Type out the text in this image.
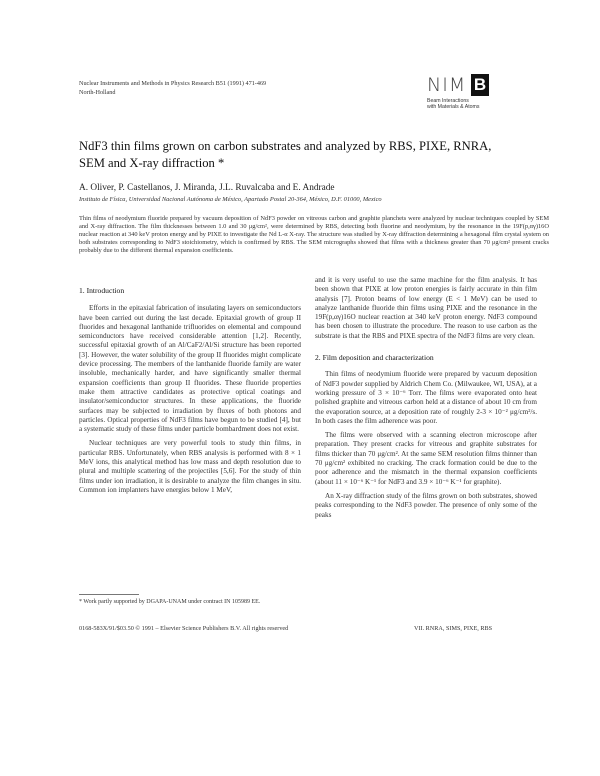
Nuclear Instruments and Methods in Physics Research B51 (1991) 471-469
North-Holland	NIM B
Beam Interactions
with Materials & Atoms
NdF3 thin films grown on carbon substrates and analyzed by RBS, PIXE, RNRA, SEM and X-ray diffraction *
A. Oliver, P. Castellanos, J. Miranda, J.L. Ruvalcaba and E. Andrade
Instituto de Física, Universidad Nacional Autónoma de México, Apartado Postal 20-364, México, D.F. 01000, Mexico
Thin films of neodymium fluoride prepared by vacuum deposition of NdF3 powder on vitreous carbon and graphite planchets were analyzed by nuclear techniques coupled by SEM and X-ray diffraction. The film thicknesses between 1.0 and 30 μg/cm², were determined by RBS, detecting both fluorine and neodymium, by the resonance in the 19F(p,αγ)16O nuclear reaction at 340 keV proton energy and by PIXE to investigate the Nd L-α X-ray. The structure was studied by X-ray diffraction determining a hexagonal film crystal system on both substrates corresponding to NdF3 stoichiometry, which is confirmed by RBS. The SEM micrographs showed that films with a thickness greater than 70 μg/cm² present cracks probably due to the different thermal expansion coefficients.
1. Introduction

Efforts in the epitaxial fabrication of insulating layers on semiconductors have been carried out during the last decade. Epitaxial growth of group II fluorides and hexagonal lanthanide trifluorides on elemental and compound semiconductors have received considerable attention [1,2]. Recently, successful epitaxial growth of an Al/CaF2/Al/Si structure has been reported [3]. However, the water solubility of the group II fluorides might complicate device processing. The members of the lanthanide fluoride family are water insoluble, mechanically harder, and have significantly smaller thermal expansion coefficients than group II fluorides. These fluoride properties make them attractive candidates as protective optical coatings and insulator/semiconductor structures. In these applications, the fluoride surfaces may be subjected to irradiation by fluxes of both photons and particles. Optical properties of NdF3 films have begun to be studied [4], but a systematic study of these films under particle bombardment does not exist.

Nuclear techniques are very powerful tools to study thin films, in particular RBS. Unfortunately, when RBS analysis is performed with 8 × 1 MeV ions, this analytical method has low mass and depth resolution due to plural and multiple scattering of the projectiles [5,6]. For the study of thin films under ion irradiation, it is desirable to analyze the film changes in situ. Common ion implanters have energies below 1 MeV,

* Work partly supported by DGAPA-UNAM under contract IN 105989 EE.

and it is very useful to use the same machine for the film analysis. It has been shown that PIXE at low proton energies is fairly accurate in thin film analysis [7]. Proton beams of low energy (E < 1 MeV) can be used to analyze lanthanide fluoride thin films using PIXE and the resonance in the 19F(p,αγ)16O nuclear reaction at 340 keV proton energy. NdF3 compound has been chosen to illustrate the procedure. The reason to use carbon as the substrate is that the RBS and PIXE spectra of the NdF3 films are very clean.

2. Film deposition and characterization

Thin films of neodymium fluoride were prepared by vacuum deposition of NdF3 powder supplied by Aldrich Chem Co. (Milwaukee, WI, USA), at a working pressure of 3 × 10⁻⁶ Torr. The films were evaporated onto heat polished graphite and vitreous carbon held at a distance of about 10 cm from the evaporation source, at a deposition rate of roughly 2-3 × 10⁻² μg/cm²/s. In both cases the film adherence was poor.

The films were observed with a scanning electron microscope after preparation. They present cracks for vitreous and graphite substrates for films thicker than 70 μg/cm². At the same SEM resolution films thinner than 70 μg/cm² exhibited no cracking. The crack formation could be due to the poor adherence and the mismatch in the thermal expansion coefficients (about 11 × 10⁻⁶ K⁻¹ for NdF3 and 3.9 × 10⁻⁶ K⁻¹ for graphite).

An X-ray diffraction study of the films grown on both substrates, showed peaks corresponding to the NdF3 powder. The presence of only some of the peaks

0168-583X/91/$03.50 © 1991 – Elsevier Science Publishers B.V. All rights reserved	VII. RNRA, SIMS, PIXE, RBS
